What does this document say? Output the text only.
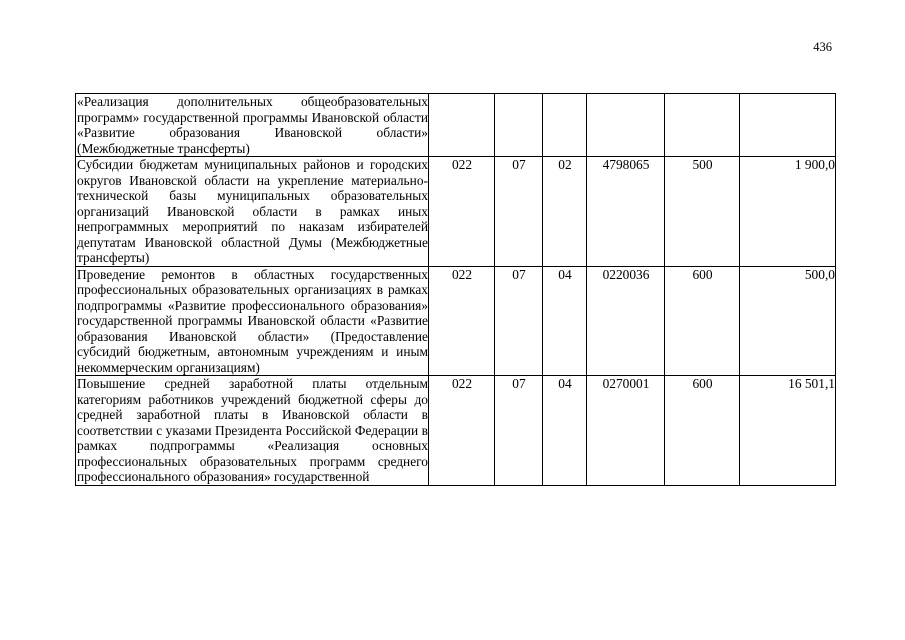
436
«Реализация дополнительных общеобразовательных программ» государственной программы Ивановской области «Развитие образования Ивановской области» (Межбюджетные трансферты)						
Субсидии бюджетам муниципальных районов и городских округов Ивановской области на укрепление материально-технической базы муниципальных образовательных организаций Ивановской области в рамках иных непрограммных мероприятий по наказам избирателей депутатам Ивановской областной Думы (Межбюджетные трансферты)	022	07	02	4798065	500	1 900,0
Проведение ремонтов в областных государственных профессиональных образовательных организациях в рамках подпрограммы «Развитие профессионального образования» государственной программы Ивановской области «Развитие образования Ивановской области» (Предоставление субсидий бюджетным, автономным учреждениям и иным некоммерческим организациям)	022	07	04	0220036	600	500,0
Повышение средней заработной платы отдельным категориям работников учреждений бюджетной сферы до средней заработной платы в Ивановской области в соответствии с указами Президента Российской Федерации в рамках подпрограммы «Реализация основных профессиональных образовательных программ среднего профессионального образования» государственной	022	07	04	0270001	600	16 501,1
